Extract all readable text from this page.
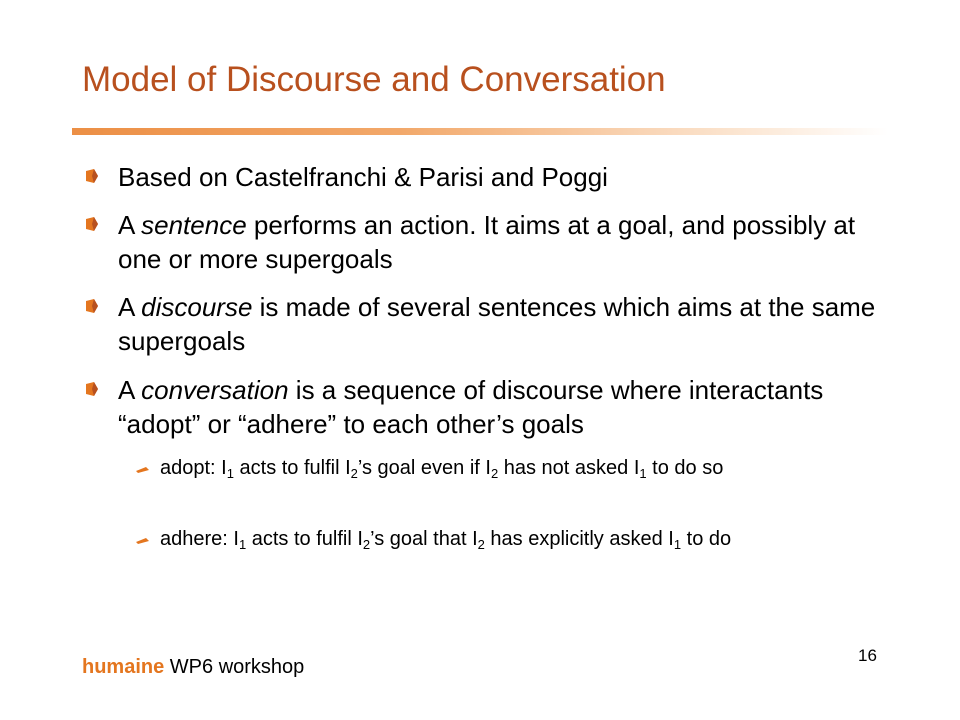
Model of Discourse and Conversation
Based on Castelfranchi & Parisi and Poggi
A sentence performs an action. It aims at a goal, and possibly at one or more supergoals
A discourse is made of several sentences which aims at the same supergoals
A conversation is a sequence of discourse where interactants “adopt” or “adhere” to each other’s goals
adopt: $I_1$ acts to fulfil $I_2’s$ goal even if $I_2$ has not asked $I_1$ to do so
adhere: $I_1$ acts to fulfil $I_2’s$ goal that $I_2$ has explicitly asked $I_1$ to do
humaine WP6 workshop
16
